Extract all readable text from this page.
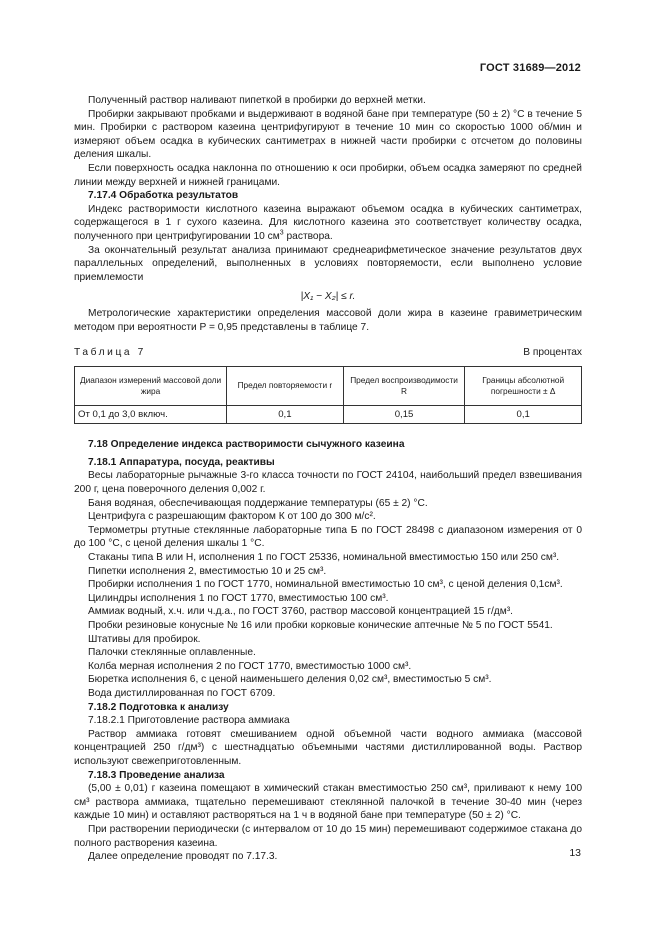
ГОСТ 31689—2012

Полученный раствор наливают пипеткой в пробирки до верхней метки.

Пробирки закрывают пробками и выдерживают в водяной бане при температуре (50 ± 2) °С в течение 5 мин. Пробирки с раствором казеина центрифугируют в течение 10 мин со скоростью 1000 об/мин и измеряют объем осадка в кубических сантиметрах в нижней части пробирки с отсчетом до половины деления шкалы.

Если поверхность осадка наклонна по отношению к оси пробирки, объем осадка замеряют по средней линии между верхней и нижней границами.

7.17.4 Обработка результатов

Индекс растворимости кислотного казеина выражают объемом осадка в кубических сантиметрах, содержащегося в 1 г сухого казеина. Для кислотного казеина это соответствует количеству осадка, полученного при центрифугировании 10 $см^3$ раствора.

За окончательный результат анализа принимают среднеарифметическое значение результатов двух параллельных определений, выполненных в условиях повторяемости, если выполнено условие приемлемости

|X₁ − X₂| ≤ r.

Метрологические характеристики определения массовой доли жира в казеине гравиметрическим методом при вероятности P = 0,95 представлены в таблице 7.

Таблица 7	В процентах

Диапазон измерений массовой доли жира	Предел повторяемости r	Предел воспроизводимости R	Границы абсолютной погрешности ± Δ
От 0,1 до 3,0 включ.	0,1	0,15	0,1

7.18 Определение индекса растворимости сычужного казеина

7.18.1 Аппаратура, посуда, реактивы

Весы лабораторные рычажные 3-го класса точности по ГОСТ 24104, наибольший предел взвешивания 200 г, цена поверочного деления 0,002 г.

Баня водяная, обеспечивающая поддержание температуры (65 ± 2) °С.

Центрифуга с разрешающим фактором К от 100 до 300 м/с².

Термометры ртутные стеклянные лабораторные типа Б по ГОСТ 28498 с диапазоном измерения от 0 до 100 °С, с ценой деления шкалы 1 °С.

Стаканы типа В или Н, исполнения 1 по ГОСТ 25336, номинальной вместимостью 150 или 250 см³.

Пипетки исполнения 2, вместимостью 10 и 25 см³.

Пробирки исполнения 1 по ГОСТ 1770, номинальной вместимостью 10 см³, с ценой деления 0,1см³.

Цилиндры исполнения 1 по ГОСТ 1770, вместимостью 100 см³.

Аммиак водный, х.ч. или ч.д.а., по ГОСТ 3760, раствор массовой концентрацией 15 г/дм³.

Пробки резиновые конусные № 16 или пробки корковые конические аптечные № 5 по ГОСТ 5541.

Штативы для пробирок.

Палочки стеклянные оплавленные.

Колба мерная исполнения 2 по ГОСТ 1770, вместимостью 1000 см³.

Бюретка исполнения 6, с ценой наименьшего деления 0,02 см³, вместимостью 5 см³.

Вода дистиллированная по ГОСТ 6709.

7.18.2 Подготовка к анализу

7.18.2.1 Приготовление раствора аммиака

Раствор аммиака готовят смешиванием одной объемной части водного аммиака (массовой концентрацией 250 г/дм³) с шестнадцатью объемными частями дистиллированной воды. Раствор используют свежеприготовленным.

7.18.3 Проведение анализа

(5,00 ± 0,01) г казеина помещают в химический стакан вместимостью 250 см³, приливают к нему 100 см³ раствора аммиака, тщательно перемешивают стеклянной палочкой в течение 30-40 мин (через каждые 10 мин) и оставляют растворяться на 1 ч в водяной бане при температуре (50 ± 2) °С.

При растворении периодически (с интервалом от 10 до 15 мин) перемешивают содержимое стакана до полного растворения казеина.

Далее определение проводят по 7.17.3.	13
